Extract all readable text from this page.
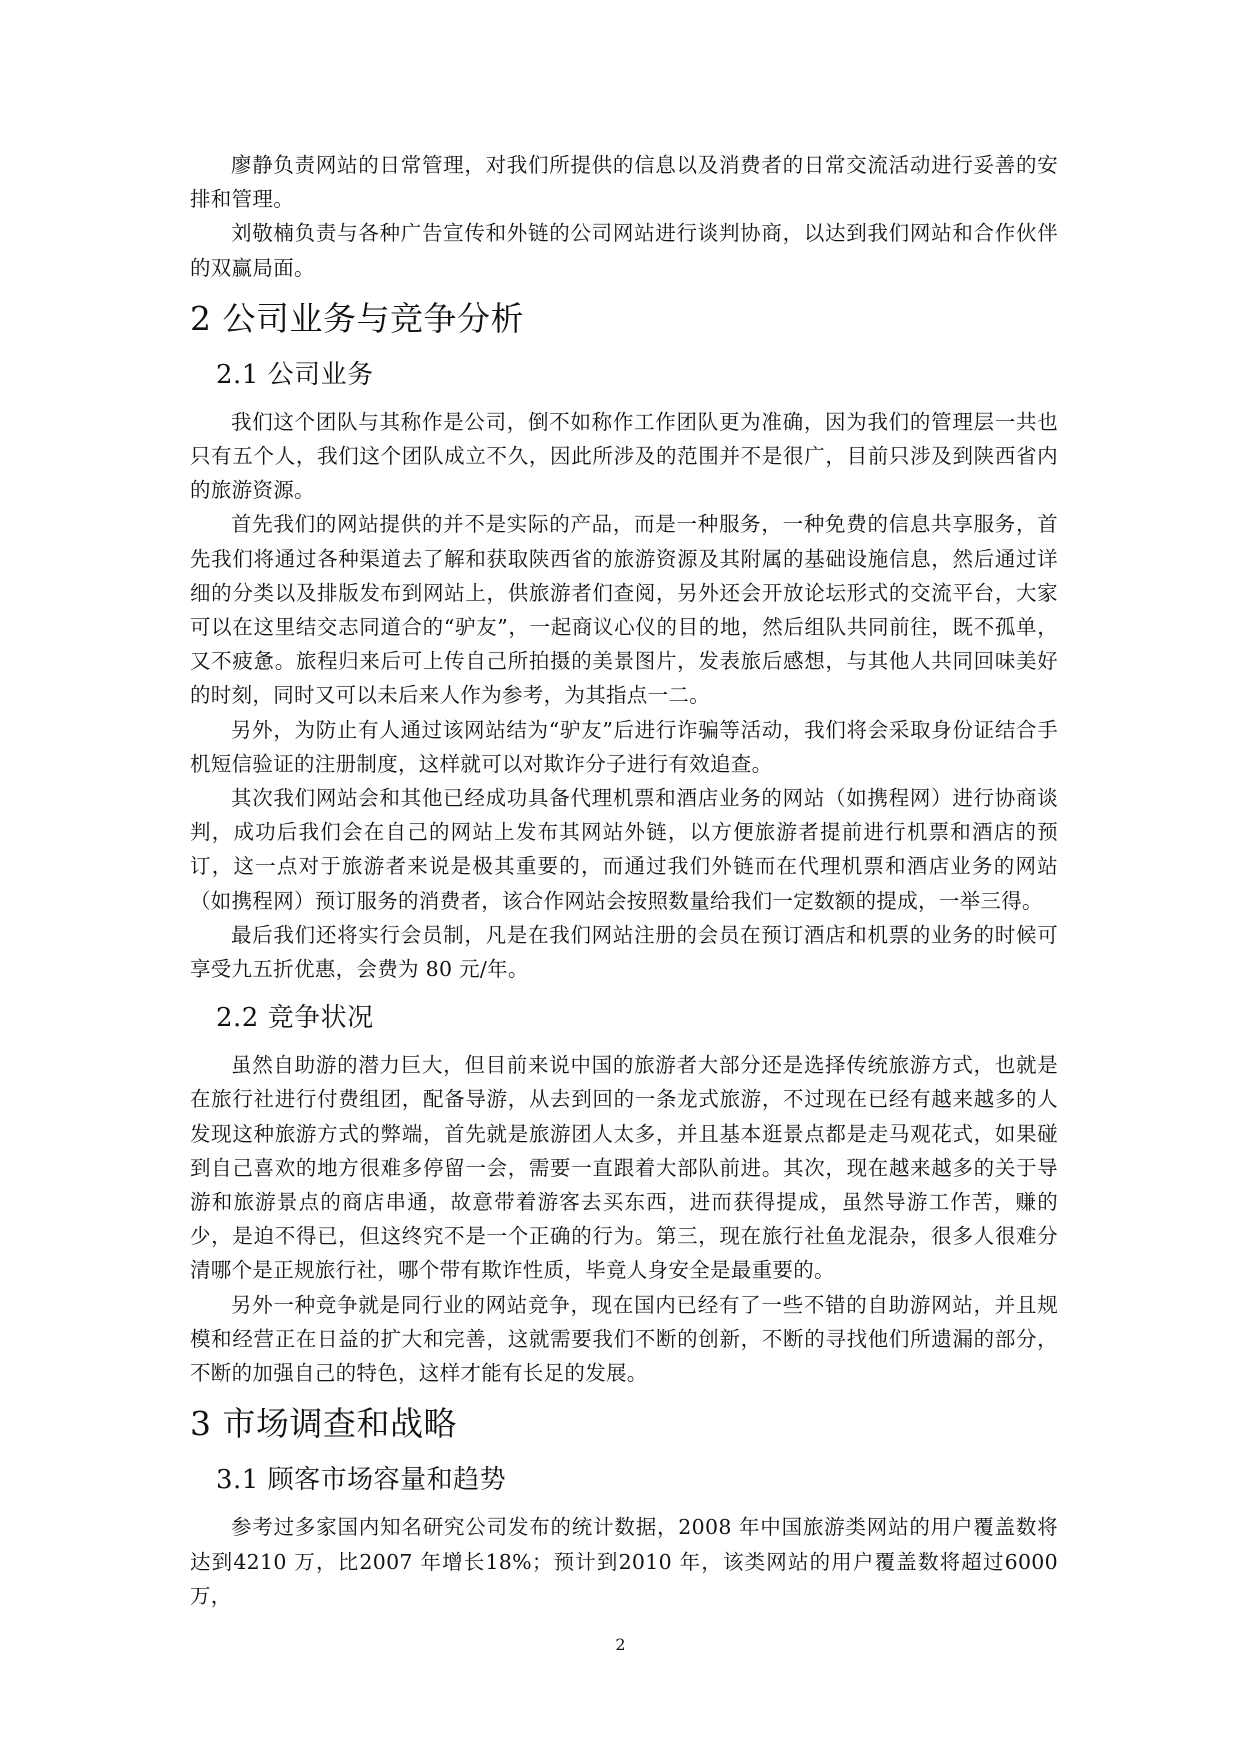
廖静负责网站的日常管理，对我们所提供的信息以及消费者的日常交流活动进行妥善的安排和管理。

刘敬楠负责与各种广告宣传和外链的公司网站进行谈判协商，以达到我们网站和合作伙伴的双赢局面。

2 公司业务与竞争分析
2.1 公司业务

我们这个团队与其称作是公司，倒不如称作工作团队更为准确，因为我们的管理层一共也只有五个人，我们这个团队成立不久，因此所涉及的范围并不是很广，目前只涉及到陕西省内的旅游资源。

首先我们的网站提供的并不是实际的产品，而是一种服务，一种免费的信息共享服务，首先我们将通过各种渠道去了解和获取陕西省的旅游资源及其附属的基础设施信息，然后通过详细的分类以及排版发布到网站上，供旅游者们查阅，另外还会开放论坛形式的交流平台，大家可以在这里结交志同道合的“驴友”，一起商议心仪的目的地，然后组队共同前往，既不孤单，又不疲惫。旅程归来后可上传自己所拍摄的美景图片，发表旅后感想，与其他人共同回味美好的时刻，同时又可以未后来人作为参考，为其指点一二。

另外，为防止有人通过该网站结为“驴友”后进行诈骗等活动，我们将会采取身份证结合手机短信验证的注册制度，这样就可以对欺诈分子进行有效追查。

其次我们网站会和其他已经成功具备代理机票和酒店业务的网站（如携程网）进行协商谈判，成功后我们会在自己的网站上发布其网站外链，以方便旅游者提前进行机票和酒店的预订，这一点对于旅游者来说是极其重要的，而通过我们外链而在代理机票和酒店业务的网站（如携程网）预订服务的消费者，该合作网站会按照数量给我们一定数额的提成，一举三得。

最后我们还将实行会员制，凡是在我们网站注册的会员在预订酒店和机票的业务的时候可享受九五折优惠，会费为 80 元/年。

2.2 竞争状况

虽然自助游的潜力巨大，但目前来说中国的旅游者大部分还是选择传统旅游方式，也就是在旅行社进行付费组团，配备导游，从去到回的一条龙式旅游，不过现在已经有越来越多的人发现这种旅游方式的弊端，首先就是旅游团人太多，并且基本逛景点都是走马观花式，如果碰到自己喜欢的地方很难多停留一会，需要一直跟着大部队前进。其次，现在越来越多的关于导游和旅游景点的商店串通，故意带着游客去买东西，进而获得提成，虽然导游工作苦，赚的少，是迫不得已，但这终究不是一个正确的行为。第三，现在旅行社鱼龙混杂，很多人很难分清哪个是正规旅行社，哪个带有欺诈性质，毕竟人身安全是最重要的。

另外一种竞争就是同行业的网站竞争，现在国内已经有了一些不错的自助游网站，并且规模和经营正在日益的扩大和完善，这就需要我们不断的创新，不断的寻找他们所遗漏的部分，不断的加强自己的特色，这样才能有长足的发展。

3 市场调查和战略
3.1 顾客市场容量和趋势

参考过多家国内知名研究公司发布的统计数据，2008 年中国旅游类网站的用户覆盖数将达到4210 万，比2007 年增长18%；预计到2010 年，该类网站的用户覆盖数将超过6000 万，

2
